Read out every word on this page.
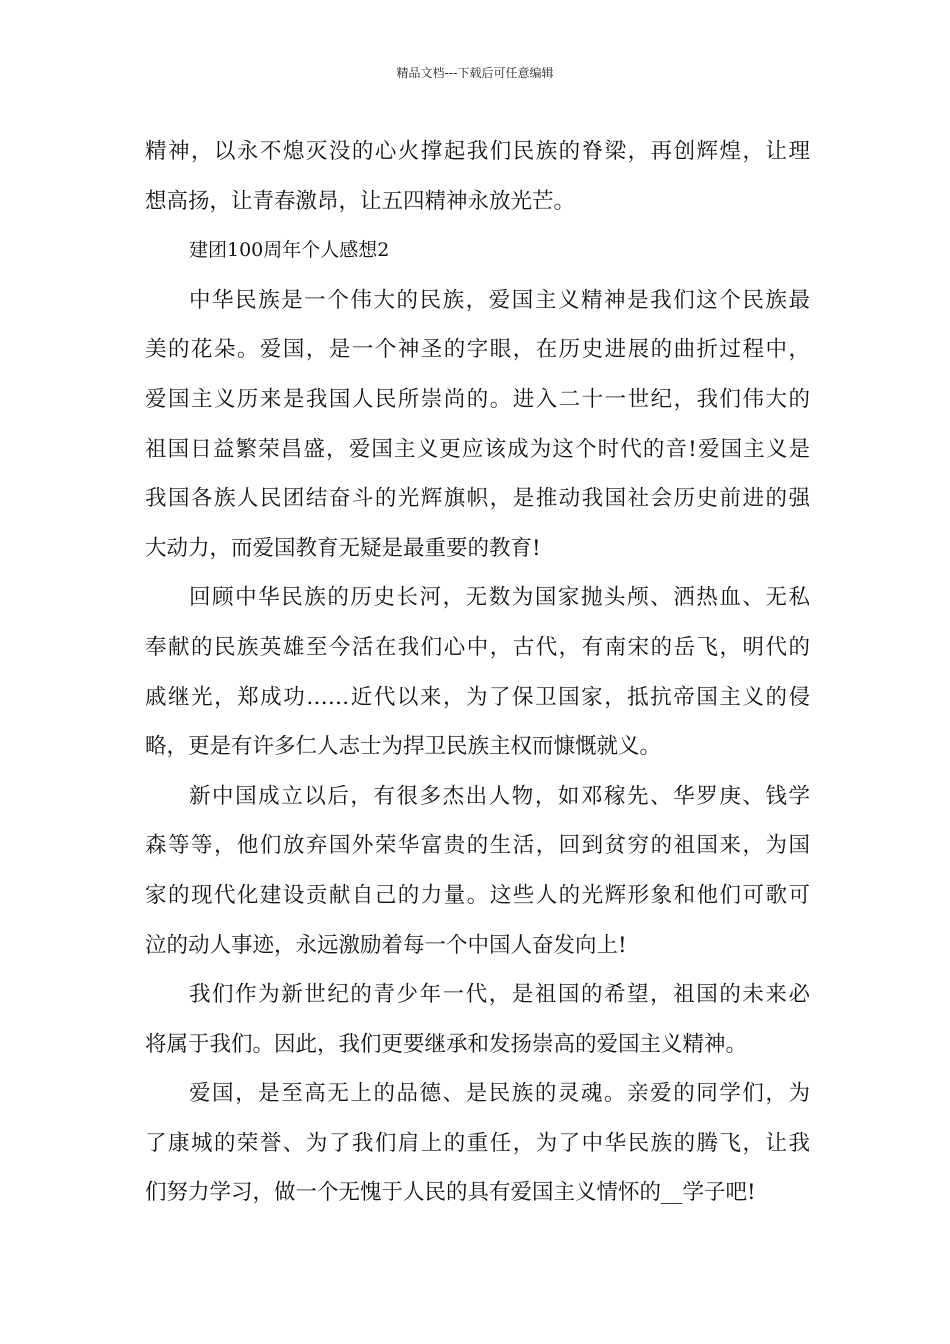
精品文档---下载后可任意编辑
精神，以永不熄灭没的心火撑起我们民族的脊梁，再创辉煌，让理
想高扬，让青春激昂，让五四精神永放光芒。
建团100周年个人感想2
中华民族是一个伟大的民族，爱国主义精神是我们这个民族最
美的花朵。爱国，是一个神圣的字眼，在历史进展的曲折过程中，
爱国主义历来是我国人民所崇尚的。进入二十一世纪，我们伟大的
祖国日益繁荣昌盛，爱国主义更应该成为这个时代的音!爱国主义是
我国各族人民团结奋斗的光辉旗帜，是推动我国社会历史前进的强
大动力，而爱国教育无疑是最重要的教育!
回顾中华民族的历史长河，无数为国家抛头颅、洒热血、无私
奉献的民族英雄至今活在我们心中，古代，有南宋的岳飞，明代的
戚继光，郑成功……近代以来，为了保卫国家，抵抗帝国主义的侵
略，更是有许多仁人志士为捍卫民族主权而慷慨就义。
新中国成立以后，有很多杰出人物，如邓稼先、华罗庚、钱学
森等等，他们放弃国外荣华富贵的生活，回到贫穷的祖国来，为国
家的现代化建设贡献自己的力量。这些人的光辉形象和他们可歌可
泣的动人事迹，永远激励着每一个中国人奋发向上!
我们作为新世纪的青少年一代，是祖国的希望，祖国的未来必
将属于我们。因此，我们更要继承和发扬崇高的爱国主义精神。
爱国，是至高无上的品德、是民族的灵魂。亲爱的同学们，为
了康城的荣誉、为了我们肩上的重任，为了中华民族的腾飞，让我
们努力学习，做一个无愧于人民的具有爱国主义情怀的__学子吧!
